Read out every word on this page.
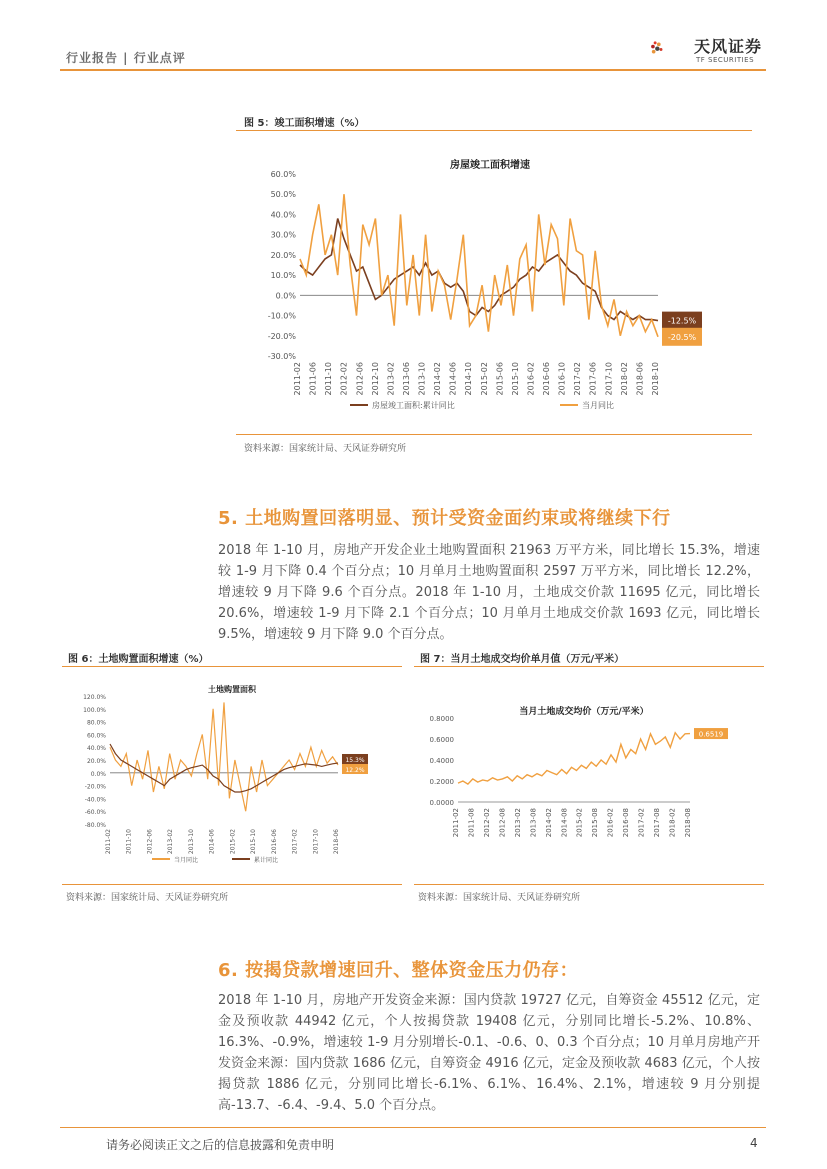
行业报告 | 行业点评
天风证券
TF SECURITIES
图 5：竣工面积增速（%）
房屋竣工面积增速
60.0%
50.0%
40.0%
30.0%
20.0%
10.0%
0.0%
-10.0%
-20.0%
-30.0%
2011-02 2011-06 2011-10 2012-02 2012-06 2012-10 2013-02 2013-06 2013-10 2014-02 2014-06 2014-10 2015-02 2015-06 2015-10 2016-02 2016-06 2016-10 2017-02 2017-06 2017-10 2018-02 2018-06 2018-10
-12.5%
-20.5%
房屋竣工面积:累计同比	当月同比
资料来源：国家统计局、天风证券研究所
5. 土地购置回落明显、预计受资金面约束或将继续下行
2018 年 1-10 月，房地产开发企业土地购置面积 21963 万平方米，同比增长 15.3%，增速较 1-9 月下降 0.4 个百分点；10 月单月土地购置面积 2597 万平方米，同比增长 12.2%，增速较 9 月下降 9.6 个百分点。2018 年 1-10 月，土地成交价款 11695 亿元，同比增长 20.6%，增速较 1-9 月下降 2.1 个百分点；10 月单月土地成交价款 1693 亿元，同比增长 9.5%，增速较 9 月下降 9.0 个百分点。
图 6：土地购置面积增速（%）
土地购置面积
120.0%
100.0%
80.0%
60.0%
40.0%
20.0%
0.0%
-20.0%
-40.0%
-60.0%
-80.0%
2011-02 2011-10 2012-06 2013-02 2013-10 2014-06 2015-02 2015-10 2016-06 2017-02 2017-10 2018-06
15.3%
12.2%
当月同比	累计同比
资料来源：国家统计局、天风证券研究所
图 7：当月土地成交均价单月值（万元/平米）
当月土地成交均价（万元/平米）
0.8000
0.6000
0.4000
0.2000
0.0000
2011-02 2011-08 2012-02 2012-08 2013-02 2013-08 2014-02 2014-08 2015-02 2015-08 2016-02 2016-08 2017-02 2017-08 2018-02 2018-08
0.6519
资料来源：国家统计局、天风证券研究所
6. 按揭贷款增速回升、整体资金压力仍存：
2018 年 1-10 月，房地产开发资金来源：国内贷款 19727 亿元，自筹资金 45512 亿元，定金及预收款 44942 亿元，个人按揭贷款 19408 亿元，分别同比增长-5.2%、10.8%、16.3%、-0.9%，增速较 1-9 月分别增长-0.1、-0.6、0、0.3 个百分点；10 月单月房地产开发资金来源：国内贷款 1686 亿元，自筹资金 4916 亿元，定金及预收款 4683 亿元，个人按揭贷款 1886 亿元，分别同比增长-6.1%、6.1%、16.4%、2.1%，增速较 9 月分别提高-13.7、-6.4、-9.4、5.0 个百分点。
请务必阅读正文之后的信息披露和免责申明	4
